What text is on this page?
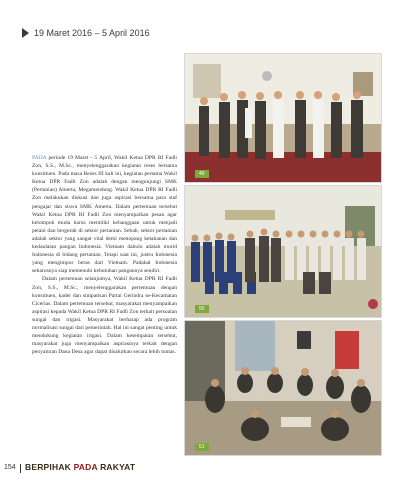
19 Maret 2016 – 5 April 2016

PADA periode 19 Maret - 5 April, Wakil Ketua DPR RI Fadli Zon, S.S., M.Sc., menyelenggarakan kegiatan reses bersama konstituen. Pada masa Reses III kali ini, kegiatan pertama Wakil Ketua DPR Fadli Zon adalah dengan mengunjungi SMK (Pertanian) Amerta, Megamendung. Wakil Ketua DPR RI Fadli Zon melakukan diskusi dan juga aspirasi bersama para staf pengajar dan siswa SMK Amerta. Dalam pertemuan tersebut Wakil Ketua DPR RI Fadli Zon menyampaikan pesan agar kelompok muda harus memiliki kebanggaan untuk menjadi petani dan bergerak di sektor pertanian. Sebab, sektor pertanian adalah sektor yang sangat vital demi menopang ketahanan dan kedaulatan pangan Indonesia. Vietnam dahulu adalah murid Indonesia di bidang pertanian. Tetapi saat ini, justru Indonesia yang mengimpor beras dari Vietnam. Padahal Indonesia seharusnya siap memenuhi kebutuhan pangannya sendiri.

Dalam pertemuan selanjutnya, Wakil Ketua DPR RI Fadli Zon, S.S., M.Sc., menyelenggarakan pertemuan dengan konstituen, kader dan simpatisan Partai Gerindra se-Kecamatan Cicerias. Dalam pertemuan tersebut, masyarakat menyampaikan aspirasi kepada Wakil Ketua DPR RI Fadli Zon terkait persoalan sungai dan irigasi. Masyarakat berharap ada program normalisasi sungai dari pemerintah. Hal ini sangat penting untuk mendukung kegiatan irigasi. Dalam kesempatan tersebut, masyarakat juga menyampaikan aspirasinya terkait dengan penyaluran Dana Desa agar dapat disalurkan secara lebih tuntas.

49
50
51
154 BERPIHAK PADA RAKYAT
